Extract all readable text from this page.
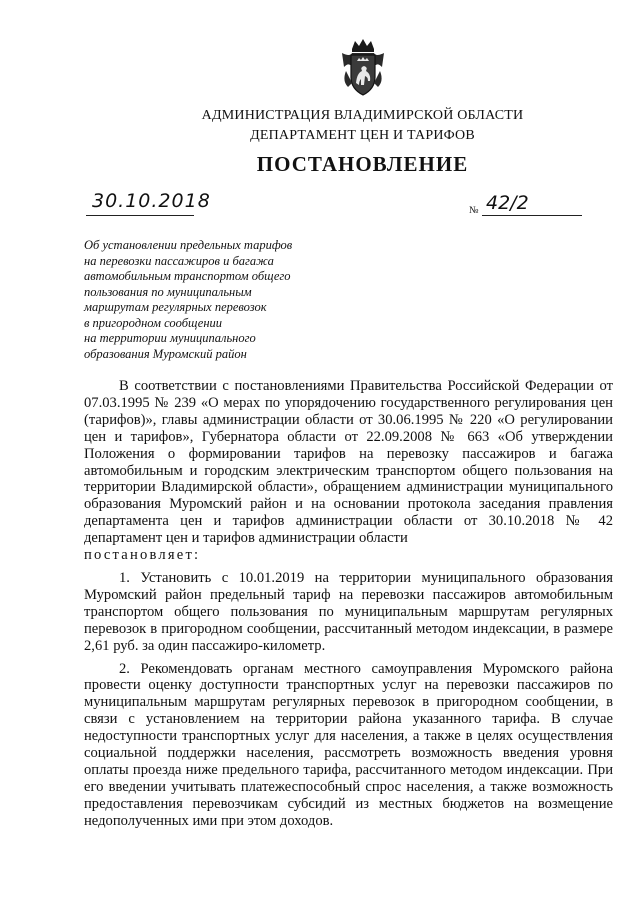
АДМИНИСТРАЦИЯ ВЛАДИМИРСКОЙ ОБЛАСТИ
ДЕПАРТАМЕНТ ЦЕН И ТАРИФОВ
ПОСТАНОВЛЕНИЕ
30.10.2018	№ 42/2
Об установлении предельных тарифов
на перевозки пассажиров и багажа
автомобильным транспортом общего
пользования по муниципальным
маршрутам регулярных перевозок
в пригородном сообщении
на территории муниципального
образования Муромский район

В соответствии с постановлениями Правительства Российской Федерации от 07.03.1995 № 239 «О мерах по упорядочению государственного регулирования цен (тарифов)», главы администрации области от 30.06.1995 № 220 «О регулировании цен и тарифов», Губернатора области от 22.09.2008 № 663 «Об утверждении Положения о формировании тарифов на перевозку пассажиров и багажа автомобильным и городским электрическим транспортом общего пользования на территории Владимирской области», обращением администрации муниципального образования Муромский район и на основании протокола заседания правления департамента цен и тарифов администрации области от 30.10.2018 № 42 департамент цен и тарифов администрации области

постановляет:

1. Установить с 10.01.2019 на территории муниципального образования Муромский район предельный тариф на перевозки пассажиров автомобильным транспортом общего пользования по муниципальным маршрутам регулярных перевозок в пригородном сообщении, рассчитанный методом индексации, в размере 2,61 руб. за один пассажиро-километр.

2. Рекомендовать органам местного самоуправления Муромского района провести оценку доступности транспортных услуг на перевозки пассажиров по муниципальным маршрутам регулярных перевозок в пригородном сообщении, в связи с установлением на территории района указанного тарифа. В случае недоступности транспортных услуг для населения, а также в целях осуществления социальной поддержки населения, рассмотреть возможность введения уровня оплаты проезда ниже предельного тарифа, рассчитанного методом индексации. При его введении учитывать платежеспособный спрос населения, а также возможность предоставления перевозчикам субсидий из местных бюджетов на возмещение недополученных ими при этом доходов.
